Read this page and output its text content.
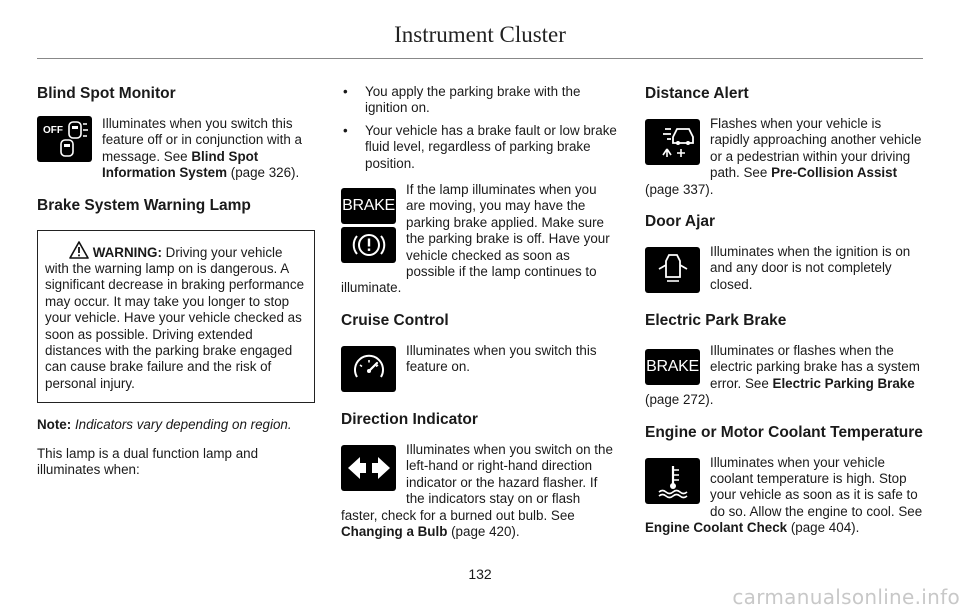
Instrument Cluster
Blind Spot Monitor
OFF	Illuminates when you switch this feature off or in conjunction with a message. See Blind Spot Information System (page 326).

Brake System Warning Lamp
WARNING: Driving your vehicle with the warning lamp on is dangerous. A significant decrease in braking performance may occur. It may take you longer to stop your vehicle. Have your vehicle checked as soon as possible. Driving extended distances with the parking brake engaged can cause brake failure and the risk of personal injury.

Note: Indicators vary depending on region.

This lamp is a dual function lamp and illuminates when:

• You apply the parking brake with the ignition on.
• Your vehicle has a brake fault or low brake fluid level, regardless of parking brake position.
BRAKE

If the lamp illuminates when you are moving, you may have the parking brake applied. Make sure the parking brake is off. Have your vehicle checked as soon as possible if the lamp continues to illuminate.

Cruise Control

Illuminates when you switch this feature on.

Direction Indicator

Illuminates when you switch on the left-hand or right-hand direction indicator or the hazard flasher. If the indicators stay on or flash faster, check for a burned out bulb. See Changing a Bulb (page 420).

Distance Alert

Flashes when your vehicle is rapidly approaching another vehicle or a pedestrian within your driving path. See Pre-Collision Assist (page 337).

Door Ajar

Illuminates when the ignition is on and any door is not completely closed.

Electric Park Brake
BRAKE

Illuminates or flashes when the electric parking brake has a system error. See Electric Parking Brake (page 272).

Engine or Motor Coolant Temperature

Illuminates when your vehicle coolant temperature is high. Stop your vehicle as soon as it is safe to do so. Allow the engine to cool. See Engine Coolant Check (page 404).

132
carmanualsonline.info
